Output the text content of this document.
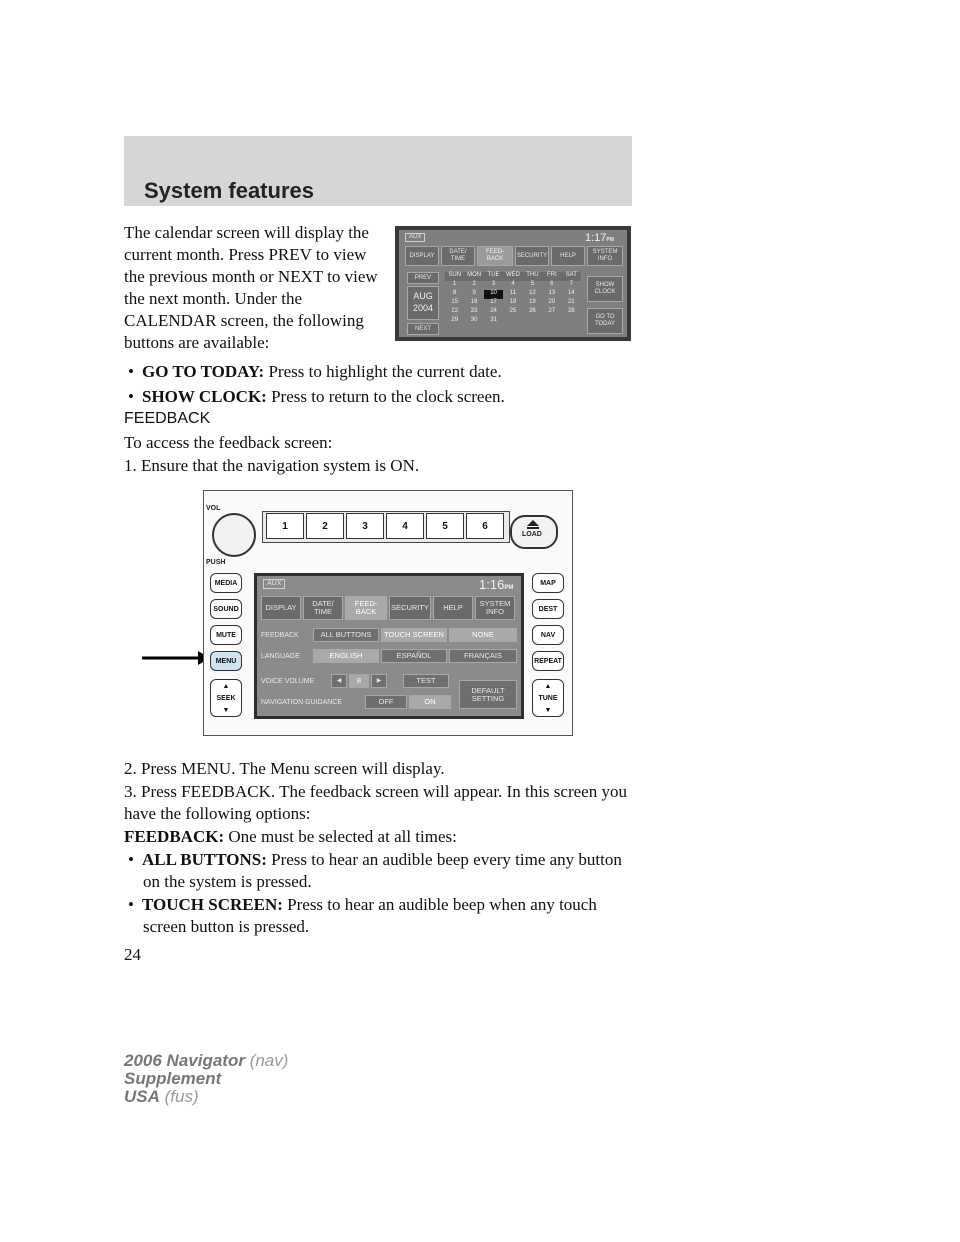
System features
The calendar screen will display the current month. Press PREV to view the previous month or NEXT to view the next month. Under the CALENDAR screen, the following buttons are available:
AUX	1:17PM
DISPLAY
DATE/
TIME
FEED-
BACK
SECURITY	HELP
SYSTEM
INFO
PREV
AUG
2004
NEXT
SUN	MON	TUE	WED	THU	FRI	SAT
1	2	3	4	5	6	7
8	9	10	11	12	13	14
15	16	17	18	19	20	21
22	23	24	25	26	27	28
29	30	31
SHOW
CLOCK
GO TO
TODAY
• GO TO TODAY: Press to highlight the current date.
• SHOW CLOCK: Press to return to the clock screen.
FEEDBACK
To access the feedback screen:
1. Ensure that the navigation system is ON.
VOL
PUSH
1	2	3	4	5	6
LOAD
MEDIA
SOUND
MUTE
MENU
▲
SEEK
▼
MAP
DEST
NAV
REPEAT
▲
TUNE
▼
AUX	1:16PM
DISPLAY	DATE/
TIME
FEED-
BACK	SECURITY	HELP	SYSTEM
INFO
FEEDBACK	ALL BUTTONS	TOUCH SCREEN	NONE
LANGUAGE	ENGLISH	ESPAÑOL	FRANÇAIS
VOICE VOLUME	◀	8	▶	TEST
NAVIGATION GUIDANCE	OFF	ON
DEFAULT
SETTING
2. Press MENU. The Menu screen will display.
3. Press FEEDBACK. The feedback screen will appear. In this screen you have the following options:
FEEDBACK: One must be selected at all times:
• ALL BUTTONS: Press to hear an audible beep every time any button
on the system is pressed.
• TOUCH SCREEN: Press to hear an audible beep when any touch
screen button is pressed.
24
2006 Navigator (nav)
Supplement
USA (fus)
